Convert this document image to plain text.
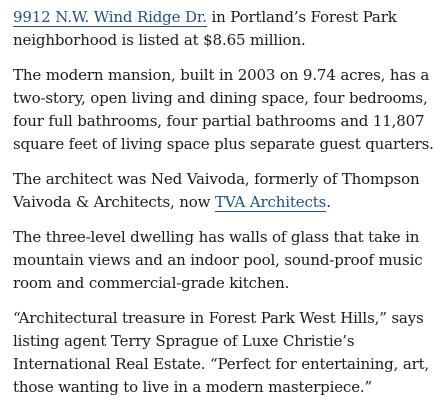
9912 N.W. Wind Ridge Dr. in Portland’s Forest Park neighborhood is listed at $8.65 million.

The modern mansion, built in 2003 on 9.74 acres, has a two-story, open living and dining space, four bedrooms, four full bathrooms, four partial bathrooms and 11,807 square feet of living space plus separate guest quarters.

The architect was Ned Vaivoda, formerly of Thompson Vaivoda & Architects, now TVA Architects.

The three-level dwelling has walls of glass that take in mountain views and an indoor pool, sound-proof music room and commercial-grade kitchen.

“Architectural treasure in Forest Park West Hills,” says listing agent Terry Sprague of Luxe Christie’s International Real Estate. “Perfect for entertaining, art, those wanting to live in a modern masterpiece.”
